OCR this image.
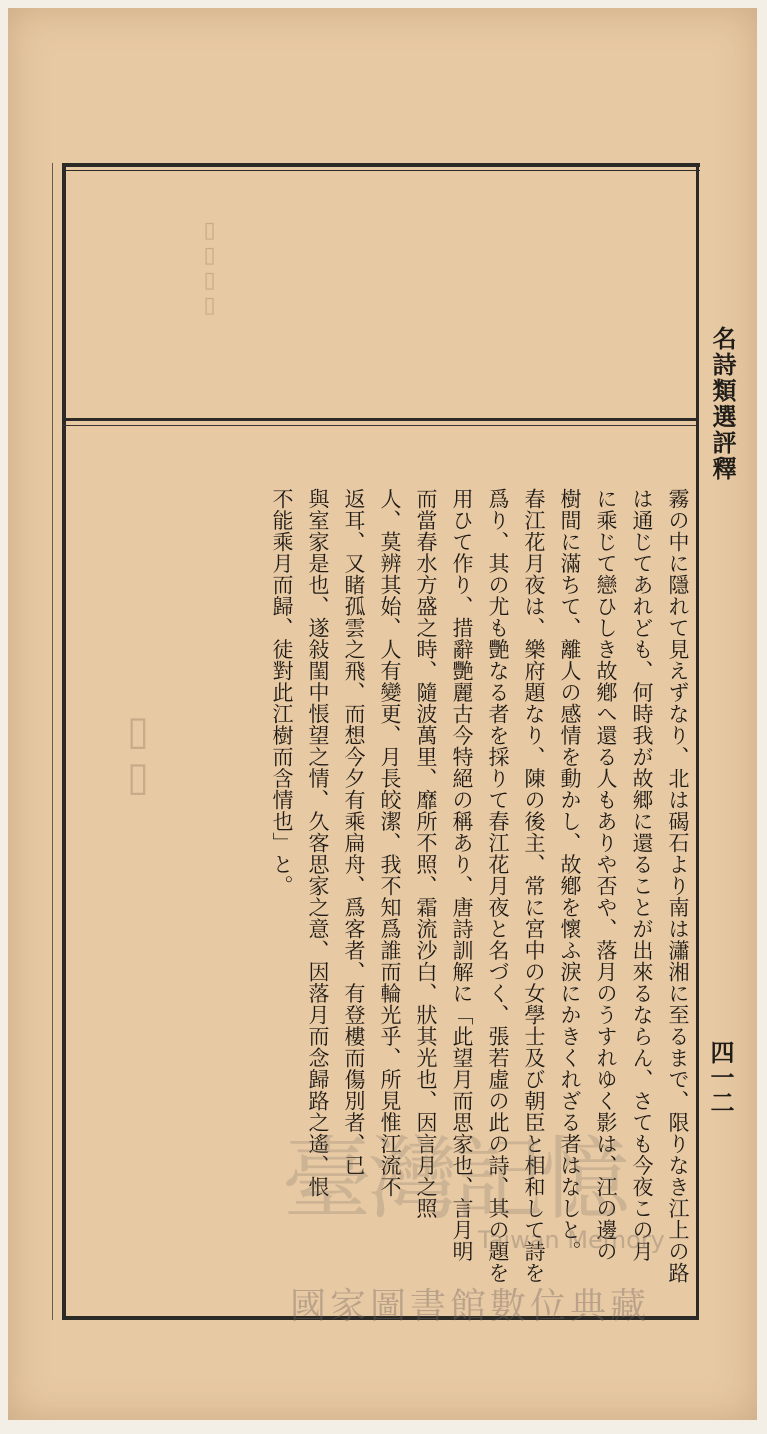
▯▯▯▯
▯▯
名詩類選評釋
四一二
霧の中に隱れて見えずなり、北は碣石より南は瀟湘に至るまで、限りなき江上の路
は通じてあれども、何時我が故郷に還ることが出來るならん、さても今夜この月
に乘じて戀ひしき故鄕へ還る人もありや否や、落月のうすれゆく影は、江の邊の
樹間に滿ちて、離人の感情を動かし、故鄕を懷ふ淚にかきくれざる者はなしと。
春江花月夜は、樂府題なり、陳の後主、常に宮中の女學士及び朝臣と相和して詩を
爲り、其の尤も艷なる者を採りて春江花月夜と名づく、張若虛の此の詩、其の題を
用ひて作り、措辭艷麗古今特絕の稱あり、唐詩訓解に「此望月而思家也、言月明
而當春水方盛之時、隨波萬里、靡所不照、霜流沙白、狀其光也、因言月之照
人、莫辨其始、人有變更、月長皎潔、我不知爲誰而輪光乎、所見惟江流不
返耳、又睹孤雲之飛、而想今夕有乘扁舟、爲客者、有登樓而傷別者、已
與室家是也、遂敍閨中悵望之情、久客思家之意、因落月而念歸路之遙、恨
不能乘月而歸、徒對此江樹而含情也」と。
臺灣記憶
Taiwan Memory
國家圖書館數位典藏
